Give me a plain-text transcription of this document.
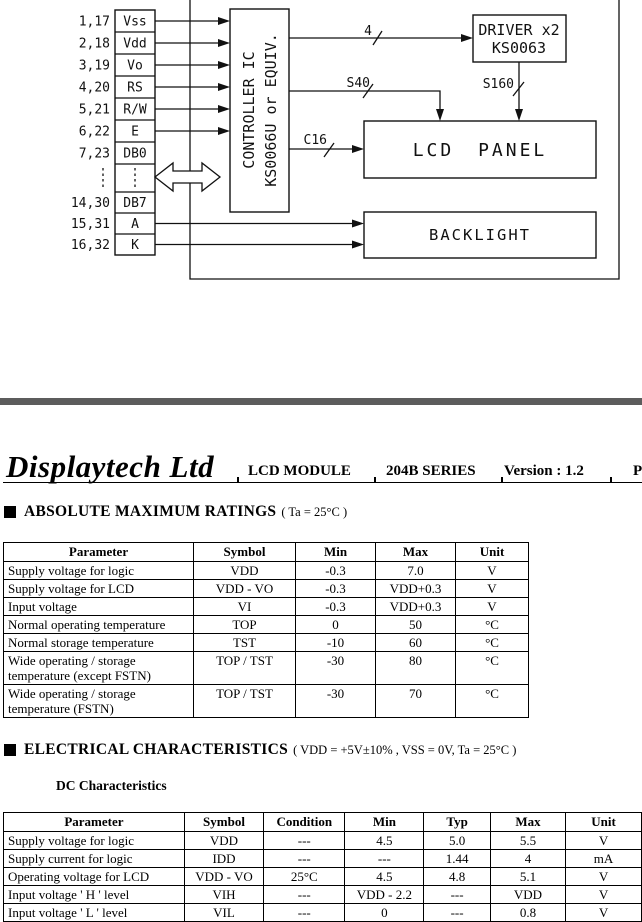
1,17
2,18
3,19
4,20
5,21
6,22
7,23
14,30
15,31
16,32
Vss
Vdd
Vo
RS
R/W
E
DB0
DB7
A
K
CONTROLLER IC KS0066U or EQUIV.
DRIVER x2
KS0063
LCD PANEL
BACKLIGHT
4
S40	S160
C16
Displaytech Ltd LCD MODULE 204B SERIES Version : 1.2	P
ABSOLUTE MAXIMUM RATINGS ( Ta = 25°C )
Parameter	Symbol	Min	Max	Unit
Supply voltage for logic	VDD	-0.3	7.0	V
Supply voltage for LCD	VDD - VO	-0.3	VDD+0.3	V
Input voltage	VI	-0.3	VDD+0.3	V
Normal operating temperature	TOP	0	50	°C
Normal storage temperature	TST	-10	60	°C
Wide operating / storage temperature (except FSTN)	TOP / TST	-30	80	°C
Wide operating / storage temperature (FSTN)	TOP / TST	-30	70	°C
ELECTRICAL CHARACTERISTICS ( VDD = +5V±10% , VSS = 0V, Ta = 25°C )
DC Characteristics
Parameter	Symbol	Condition	Min	Typ	Max	Unit
Supply voltage for logic	VDD	---	4.5	5.0	5.5	V
Supply current for logic	IDD	---	---	1.44	4	mA
Operating voltage for LCD	VDD - VO	25°C	4.5	4.8	5.1	V
Input voltage ' H ' level	VIH	---	VDD - 2.2	---	VDD	V
Input voltage ' L ' level	VIL	---	0	---	0.8	V
